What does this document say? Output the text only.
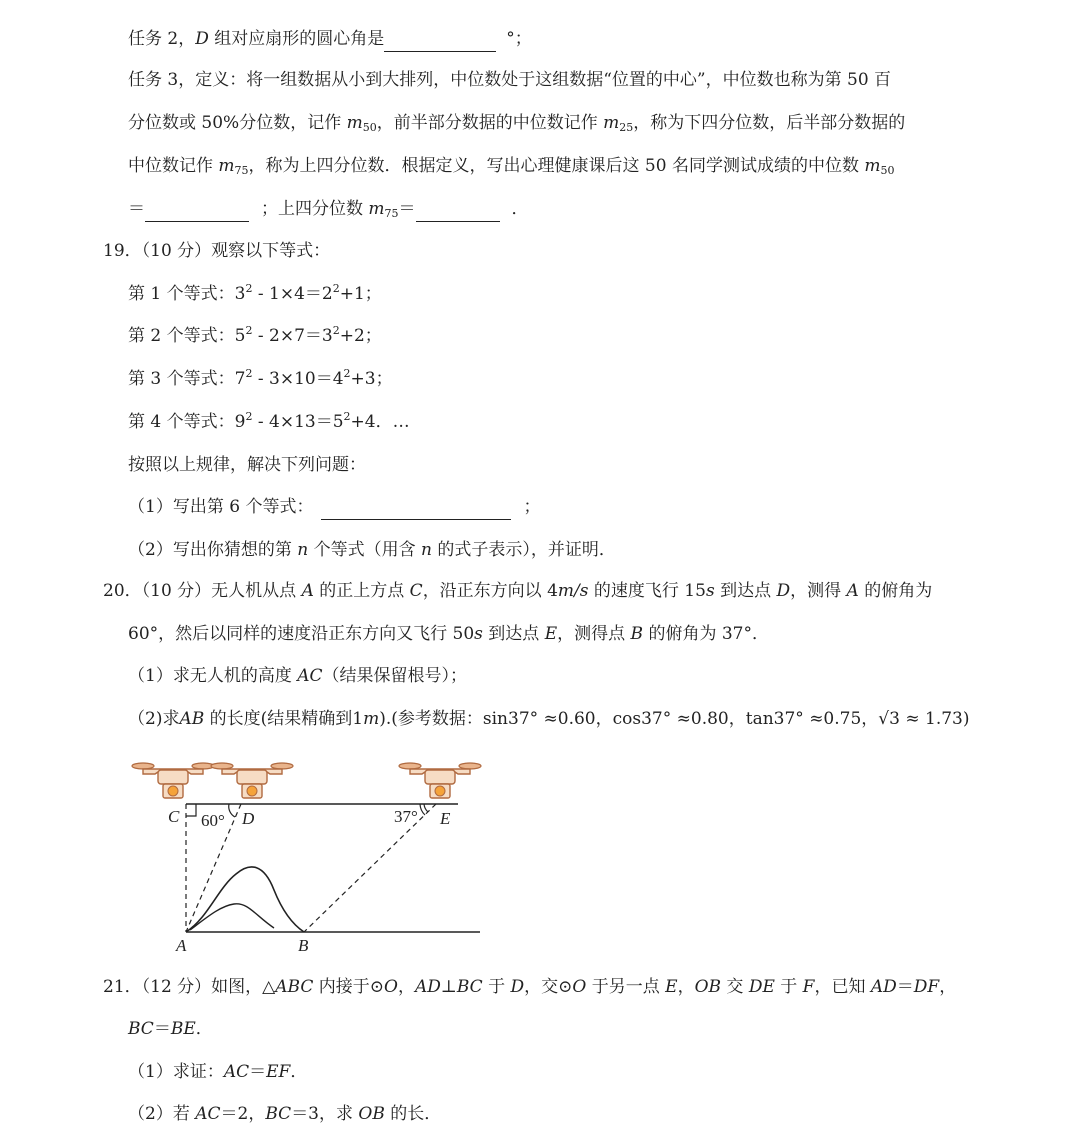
任务 2，D 组对应扇形的圆心角是	°；
任务 3，定义：将一组数据从小到大排列，中位数处于这组数据“位置的中心”，中位数也称为第 50 百
分位数或 50%分位数，记作 $m_{50}$，前半部分数据的中位数记作 $m_{25}$，称为下四分位数，后半部分数据的
中位数记作 $m_{75}$，称为上四分位数．根据定义，写出心理健康课后这 50 名同学测试成绩的中位数 $m_{50}$
＝	；上四分位数 $m_{75}=$	．
19．（10 分）观察以下等式：
第 1 个等式：$3^2 - 1\times 4=2^2+1$；
第 2 个等式：$5^2 - 2\times 7=3^2+2$；
第 3 个等式：$7^2 - 3\times 10=4^2+3$；
第 4 个等式：$9^2 - 4\times 13=5^2+4$．…
按照以上规律，解决下列问题：
（1）写出第 6 个等式：	；
（2）写出你猜想的第 n 个等式（用含 n 的式子表示），并证明．
20．（10 分）无人机从点 A 的正上方点 C，沿正东方向以 4m/s 的速度飞行 15s 到达点 D，测得 A 的俯角为
60°，然后以同样的速度沿正东方向又飞行 50s 到达点 E，测得点 B 的俯角为 37°．
（1）求无人机的高度 AC（结果保留根号）；
（2)求AB 的长度(结果精确到1m).(参考数据：sin37° ≈0.60，cos37° ≈0.80，tan37° ≈0.75，√3 ≈ 1.73)
C 60° D	37° E
A	B
21．（12 分）如图，△ABC 内接于⊙O，AD⊥BC 于 D，交⊙O 于另一点 E，OB 交 DE 于 F，已知 AD＝DF，
BC＝BE．
（1）求证：AC＝EF．
（2）若 AC＝2，BC＝3，求 OB 的长．
